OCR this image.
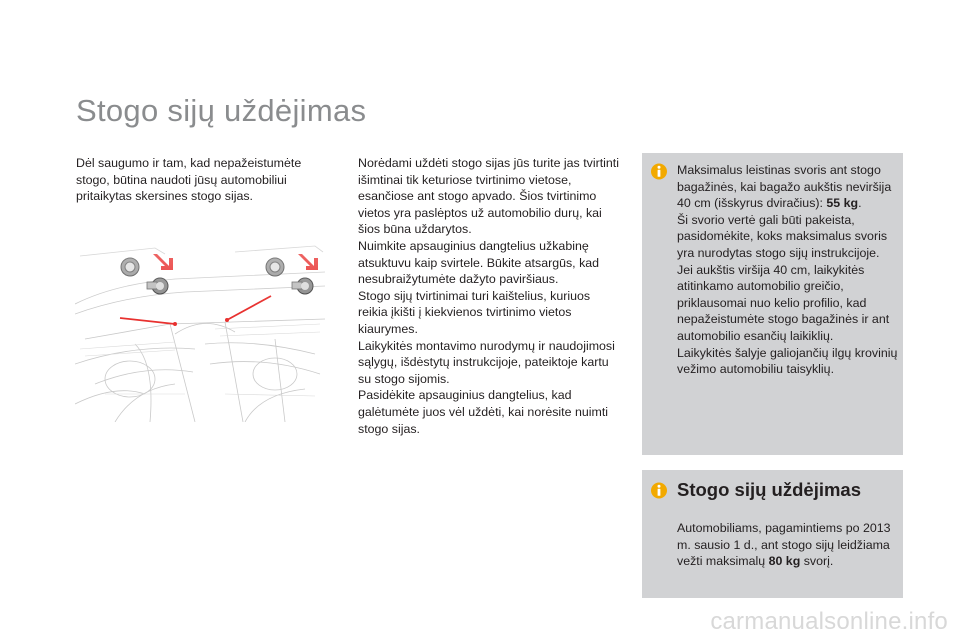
Stogo sijų uždėjimas
Dėl saugumo ir tam, kad nepažeistumėte stogo, būtina naudoti jūsų automobiliui pritaikytas skersines stogo sijas.

Norėdami uždėti stogo sijas jūs turite jas tvirtinti išimtinai tik keturiose tvirtinimo vietose, esančiose ant stogo apvado. Šios tvirtinimo vietos yra paslėptos už automobilio durų, kai šios būna uždarytos.

Nuimkite apsauginius dangtelius užkabinę atsuktuvu kaip svirtele. Būkite atsargūs, kad nesubraižytumėte dažyto paviršiaus.

Stogo sijų tvirtinimai turi kaištelius, kuriuos reikia įkišti į kiekvienos tvirtinimo vietos kiaurymes.

Laikykitės montavimo nurodymų ir naudojimosi sąlygų, išdėstytų instrukcijoje, pateiktoje kartu su stogo sijomis.

Pasidėkite apsauginius dangtelius, kad galėtumėte juos vėl uždėti, kai norėsite nuimti stogo sijas.

Maksimalus leistinas svoris ant stogo bagažinės, kai bagažo aukštis neviršija 40 cm (išskyrus dviračius): 55 kg.

Ši svorio vertė gali būti pakeista, pasidomėkite, koks maksimalus svoris yra nurodytas stogo sijų instrukcijoje.

Jei aukštis viršija 40 cm, laikykitės atitinkamo automobilio greičio, priklausomai nuo kelio profilio, kad nepažeistumėte stogo bagažinės ir ant automobilio esančių laikiklių.

Laikykitės šalyje galiojančių ilgų krovinių vežimo automobiliu taisyklių.

Stogo sijų uždėjimas
Automobiliams, pagamintiems po 2013 m. sausio 1 d., ant stogo sijų leidžiama vežti maksimalų 80 kg svorį.
carmanualsonline.info
